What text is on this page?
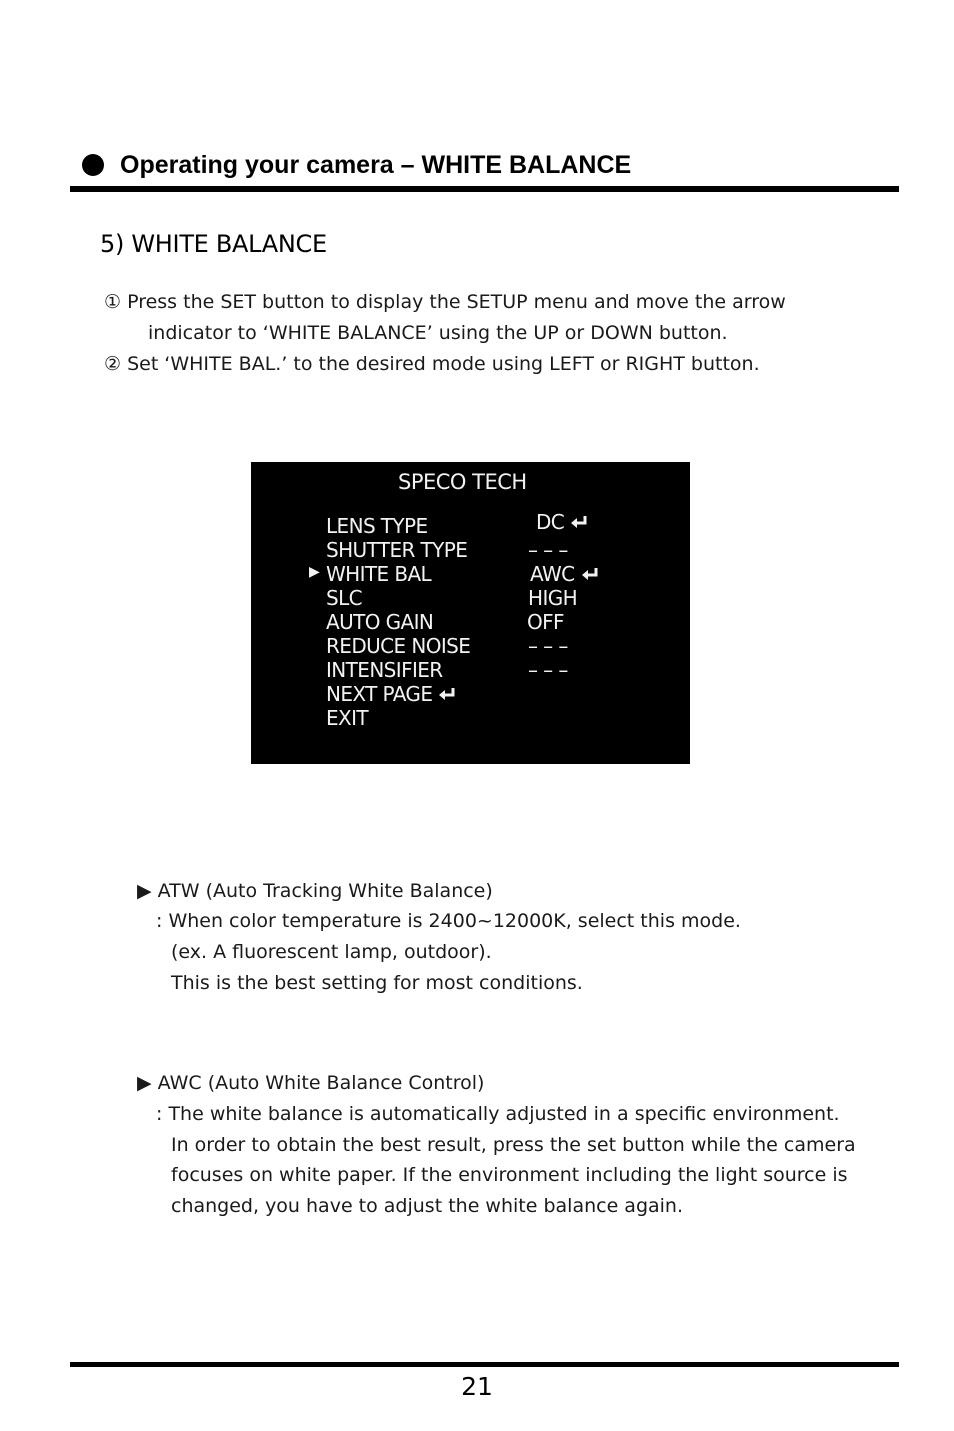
Operating your camera – WHITE BALANCE
5) WHITE BALANCE
① Press the SET button to display the SETUP menu and move the arrow
indicator to ‘WHITE BALANCE’ using the UP or DOWN button.
② Set ‘WHITE BAL.’ to the desired mode using LEFT or RIGHT button.
SPECO TECH
LENS TYPE	DC
SHUTTER TYPE	– – –
▶ WHITE BAL	AWC
SLC	HIGH
AUTO GAIN	OFF
REDUCE NOISE	– – –
INTENSIFIER	– – –
NEXT PAGE
EXIT
▶ ATW (Auto Tracking White Balance)
: When color temperature is 2400~12000K, select this mode.
(ex. A fluorescent lamp, outdoor).
This is the best setting for most conditions.
▶ AWC (Auto White Balance Control)
: The white balance is automatically adjusted in a specific environment.
In order to obtain the best result, press the set button while the camera
focuses on white paper. If the environment including the light source is
changed, you have to adjust the white balance again.
21
